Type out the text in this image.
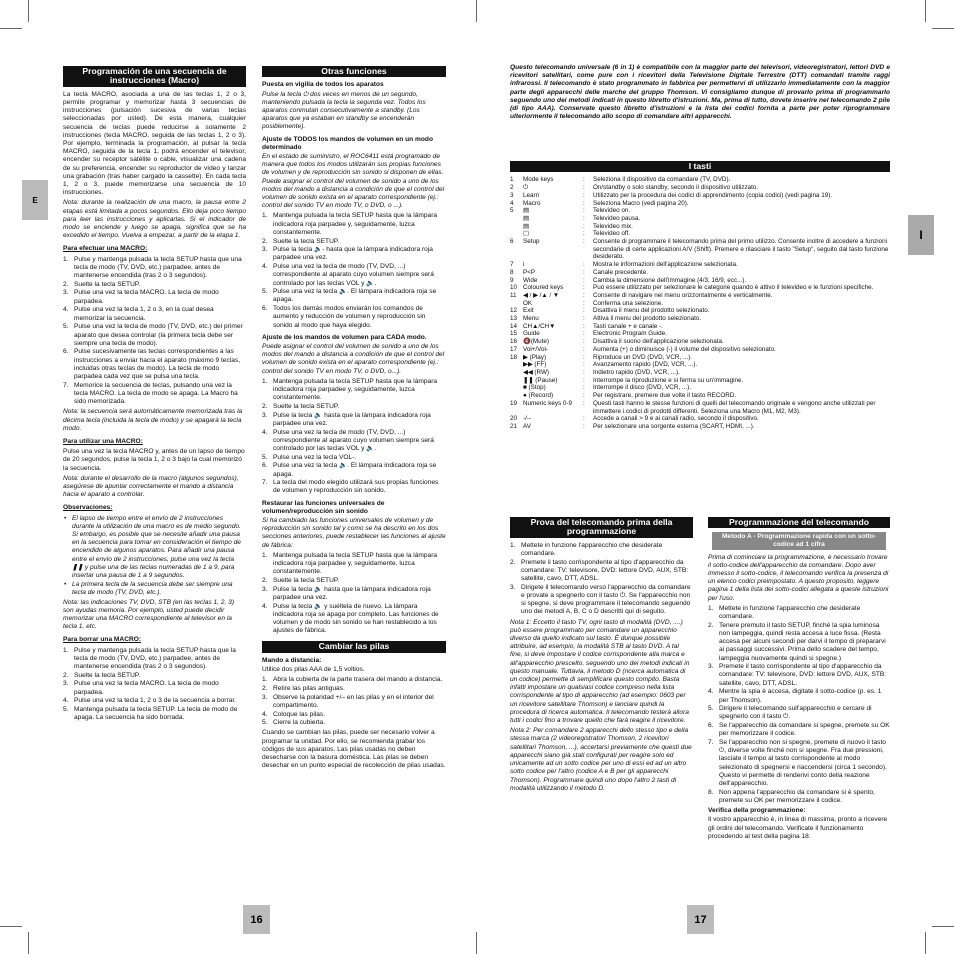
E
I
16	17
Programación de una secuencia de instrucciones (Macro)

La tecla MACRO, asociada a una de las teclas 1, 2 o 3, permite programar y memorizar hasta 3 secuencias de instrucciones (pulsación sucesiva de varias teclas seleccionadas por usted). De esta manera, cualquier secuencia de teclas puede reducirse a solamente 2 instrucciones (tecla MACRO, seguida de las teclas 1, 2 o 3). Por ejemplo, terminada la programación, al pulsar la tecla MACRO, seguida de la tecla 1, podrá encender el televisor, encender su receptor satélite o cable, visualizar una cadena de su preferencia, encender su reproductor de vídeo y lanzar una grabación (tras haber cargado la cassette). En cada tecla 1, 2 o 3, puede memorizarse una secuencia de 10 instrucciones.

Nota: durante la realización de una macro, la pausa entre 2 etapas está limitada a pocos segundos. Ello deja poco tiempo para leer las instrucciones y aplicarlas. Si el indicador de modo se enciende y luego se apaga, significa que se ha excedido el tiempo. Vuelva a empezar, a partir de la etapa 1.

Para efectuar una MACRO:
1. Pulse y mantenga pulsada la tecla SETUP hasta que una tecla de modo (TV, DVD, etc.) parpadee, antes de mantenerse encendida (tras 2 o 3 segundos).
2. Suelte la tecla SETUP.
3. Pulse una vez la tecla MACRO. La tecla de modo parpadea.
4. Pulse una vez la tecla 1, 2 o 3, en la cual desea memorizar la secuencia.
5. Pulse una vez la tecla de modo (TV, DVD, etc.) del primer aparato que desea controlar (la primera tecla debe ser siempre una tecla de modo).
6. Pulse sucesivamente las teclas correspondientes a las instrucciones a enviar hacia el aparato (máximo 9 teclas, incluidas otras teclas de modo). La tecla de modo parpadea cada vez que se pulsa una tecla.
7. Memorice la secuencia de teclas, pulsando una vez la tecla MACRO. La tecla de modo se apaga. La Macro ha sido memorizada.

Nota: la secuencia será automáticamente memorizada tras la décima tecla (incluida la tecla de modo) y se apagará la tecla modo.

Para utilizar una MACRO:

Pulse una vez la tecla MACRO y, antes de un lapso de tiempo de 20 segundos, pulse la tecla 1, 2 o 3 bajo la cual memorizó la secuencia.

Nota: durante el desarrollo de la macro (algunos segundos), asegúrese de apuntar correctamente el mando a distancia hacia el aparato a controlar.

Observaciones:
• El lapso de tiempo entre el envío de 2 instrucciones durante la utilización de una macro es de medio segundo. Si embargo, es posible que se necesite añadir una pausa en la secuencia para tomar en consideración el tiempo de encendido de algunos aparatos. Para añadir una pausa entre el envío de 2 instrucciones, pulse una vez la tecla ❚❚ y pulse una de las teclas numeradas de 1 a 9, para insertar una pausa de 1 a 9 segundos.
• La primera tecla de la secuencia debe ser siempre una tecla de modo (TV, DVD, etc.).

Nota: las indicaciones TV, DVD, STB (en las teclas 1, 2, 3) son ayudas memoria. Por ejemplo, usted puede decidir memorizar una MACRO correspondiente al televisor en la tecla 1, etc.

Para borrar una MACRO:
1. Pulse y mantenga pulsada la tecla SETUP hasta que la tecla de modo (TV, DVD, etc.) parpadee, antes de mantenerse encendida (tras 2 o 3 segundos).
2. Suelte la tecla SETUP.
3. Pulse una vez la tecla MACRO. La tecla de modo parpadea.
4. Pulse una vez la tecla 1, 2 o 3 de la secuencia a borrar.
5. Mantenga pulsada la tecla SETUP. La tecla de modo de apaga. La secuencia ha sido borrada.
Otras funciones
Puesta en vigilia de todos los aparatos

Pulse la tecla ⏻ dos veces en menos de un segundo, manteniendo pulsada la tecla la segunda vez. Todos los aparatos conmutan consecutivamente a standby. (Los aparatos que ya estaban en standby se encenderán posiblemente).

Ajuste de TODOS los mandos de volumen en un modo determinado

En el estado de suministro, el ROC6411 está programado de manera que todos los modos utilizarán sus propias funciones de volumen y de reproducción sin sonido si disponen de ellas. Puede asignar el control del volumen de sonido a uno de los modos del mando a distancia a condición de que el control del volumen de sonido exista en el aparato correspondiente (ej.: control del sonido TV en modo TV, o DVD, o ...).

1. Mantenga pulsada la tecla SETUP hasta que la lámpara indicadora roja parpadee y, seguidamente, luzca constantemente.
2. Suelte la tecla SETUP.
3. Pulse la tecla 🔈- hasta que la lámpara indicadora roja parpadee una vez.
4. Pulse una vez la tecla de modo (TV, DVD, ...) correspondiente al aparato cuyo volumen siempre será controlado por las teclas VOL y 🔈.
5. Pulse una vez la tecla 🔈. El lámpara indicadora roja se apaga.
6. Todos los demás modos enviarán los comandos de aumento y reducción de volumen y reproducción sin sonido al modo que haya elegido.
Ajuste de los mandos de volumen para CADA modo.

Puede asignar el control del volumen de sonido a uno de los modos del mando a distancia a condición de que el control del volumen de sonido exista en el aparato correspondiente (ej.: control del sonido TV en modo TV, o DVD, o...).

1. Mantenga pulsada la tecla SETUP hasta que la lámpara indicadora roja parpadee y, seguidamente, luzca constantemente.
2. Suelte la tecla SETUP.
3. Pulse la tecla 🔈 hasta que la lámpara indicadora roja parpadee una vez.
4. Pulse una vez la tecla de modo (TV, DVD, ...) correspondiente al aparato cuyo volumen siempre será controlado por las teclas VOL y 🔈.
5. Pulse una vez la tecla VOL-.
6. Pulse una vez la tecla 🔈. El lámpara indicadora roja se apaga.
7. La tecla del modo elegido utilizará sus propias funciones de volumen y reproducción sin sonido.
Restaurar las funciones universales de volumen/reproducción sin sonido

Si ha cambiado las funciones universales de volumen y de reproducción sin sonido tal y como se ha descrito en los dos secciones anteriores, puede restablecer las funciones al ajuste de fábrica:

1. Mantenga pulsada la tecla SETUP hasta que la lámpara indicadora roja parpadee y, seguidamente, luzca constantemente.
2. Suelte la tecla SETUP.
3. Pulse la tecla 🔈 hasta que la lámpara indicadora roja parpadee una vez.
4. Pulse la tecla 🔈 y suéltela de nuevo. La lámpara indicadora roja se apaga por completo. Las funciones de volumen y de modo sin sonido se han restablecido a los ajustes de fábrica.
Cambiar las pilas
Mando a distancia:

Utilice dos pilas AAA de 1,5 voltios.

1. Abra la cubierta de la parte trasera del mando a distancia.
2. Retire las pilas antiguas.
3. Observe la polaridad +/– en las pilas y en el interior del compartimento.
4. Coloque las pilas.
5. Cierre la cubierta.

Cuando se cambian las pilas, puede ser necesario volver a programar la unidad. Por ello, se recomienda grabar los códigos de sus aparatos. Las pilas usadas no deben desecharse con la basura doméstica. Las pilas se deben desechar en un punto especial de recolección de pilas usadas.

Questo telecomando universale (6 in 1) è compatibile con la maggior parte dei televisori, videoregistratori, lettori DVD e ricevitori satellitari, come pure con i ricevitori della Televisione Digitale Terrestre (DTT) comandati tramite raggi infrarossi. Il telecomando è stato programmato in fabbrica per permettervi di utilizzarlo immediatamente con la maggior parte degli apparecchi delle marche del gruppo Thomson. Vi consigliamo dunque di provarlo prima di programmarlo seguendo uno dei metodi indicati in questo libretto d'istruzioni. Ma, prima di tutto, dovete inserire nel telecomando 2 pile (di tipo AAA). Conservate questo libretto d'istruzioni e la lista dei codici fornita a parte per poter riprogrammare ulteriormente il telecomando allo scopo di comandare altri apparecchi.

I tasti
1	Mode keys	:	Seleziona il dispositivo da comandare (TV, DVD).
2	⏻	:	On/standby o solo standby, secondo il dispositivo utilizzato.
3	Learn	:	Utilizzato per la procedura dei codici di apprendimento (copia codici) (vedi pagina 19).
4	Macro	:	Seleziona Macro (vedi pagina 20).
5	▤	:	Televideo on.
	▤	:	Televideo pausa.
	▤	:	Televideo mix.
	▢	:	Televideo off.
6	Setup	:	Consente di programmare il telecomando prima del primo utilizzo. Consente inoltre di accedere a funzioni secondarie di certe applicazioni A/V (Shift). Premere e rilasciare il tasto "Setup", seguito dal tasto funzione desiderato.
7	i	:	Mostra le informazioni dell'applicazione selezionata.
8	P<P	:	Canale precedente.
9	Wide	:	Cambia la dimensione dell'immagine (4/3, 16/9, ecc...).
10	Coloured keys	:	Può essere utilizzato per selezionare le categorie quando è attivo il televideo e le funzioni specifiche.
11	◀ / ▶ /▲ / ▼	:	Consente di navigare nei menu orizzontalmente e verticalmente.
	OK	:	Conferma una selezione.
12	Exit	:	Disattiva il menu del prodotto selezionato.
13	Menu	:	Attiva il menu del prodotto selezionato.
14	CH▲/CH▼	:	Tasti canale + e canale -.
15	Guide	:	Electronic Program Guide.
16	🔇(Mute)	:	Disattiva il suono dell'applicazione selezionata.
17	Vol+/Vol-	:	Aumenta (+) o diminuisce (-) il volume del dispositivo selezionato.
18	▶ (Play)	:	Riproduce un DVD (DVD, VCR, ...).
	▶▶ (FF)	:	Avanzamento rapido (DVD, VCR, ...).
	◀◀ (RW)	:	Indietro rapido (DVD, VCR, ...).
	❚❚ (Pause)	:	Interrompe la riproduzione e si ferma su un'immagine.
	■ (Stop)	:	Interrompe il disco (DVD, VCR, ...).
	● (Record)	:	Per registrare, premere due volte il tasto RECORD.
19	Numeric keys 0-9	:	Questi tasti hanno le stesse funzioni di quelli del telecomando originale e vengono anche utilizzati per immettere i codici di prodotti differenti. Seleziona una Macro (M1, M2, M3).
20	-/--	:	Accede a canali > 9 e ai canali radio, secondo il dispositivo.
21	AV	:	Per selezionare una sorgente esterna (SCART, HDMI, ...).
Prova del telecomando prima della programmazione
1. Mettete in funzione l'apparecchio che desiderate comandare.
2. Premete il tasto corrispondente al tipo d'apparecchio da comandare: TV: televisore, DVD: lettore DVD, AUX, STB: satellite, cavo, DTT, ADSL.
3. Dirigete il telecomando verso l'apparecchio da comandare e provate a spegnerlo con il tasto ⏻. Se l'apparecchio non si spegne, si deve programmare il telecomando seguendo uno dei metodi A, B, C o D descritti qui di seguito.

Nota 1: Eccetto il tasto TV, ogni tasto di modalità (DVD, ....) può essere programmato per comandare un apparecchio diverso da quello indicato sul tasto. È dunque possibile attribuire, ad esempio, la modalità STB al tasto DVD. A tal fine, si deve impostare il codice corrispondente alla marca e all'apparecchio prescelto, seguendo uno dei metodi indicati in questo manuale. Tuttavia, il metodo D (ricerca automatica di un codice) permette di semplificare questo compito. Basta infatti impostare un qualsiasi codice compreso nella lista corrispondente al tipo di apparecchio (ad esempio: 0603 per un ricevitore satellitare Thomson) e lanciare quindi la procedura di ricerca automatica. Il telecomando testerà allora tutti i codici fino a trovare quello che farà reagire il ricevitore.

Nota 2: Per comandare 2 apparecchi dello stesso tipo e della stessa marca (2 videoregistratori Thomson, 2 ricevitori satellitari Thomson, ...), accertarsi previamente che questi due apparecchi siano già stati configurati per reagire solo ed unicamente ad un sotto codice per uno di essi ed ad un altro sotto codice per l'altro (codice A e B per gli apparecchi Thomson). Programmare quindi uno dopo l'altro 2 tasti di modalità utilizzando il metodo D.

Programmazione del telecomando
Metodo A - Programmazione rapida con un sotto-codice ad 1 cifra

Prima di cominciare la programmazione, è necessario trovare il sotto-codice dell'apparecchio da comandare. Dopo aver immesso il sotto-codice, il telecomando verifica la presenza di un elenco codici preimpostato. A questo proposito, leggere pagina 1 della lista dei sotto-codici allegata a queste istruzioni per l'uso.

1. Mettete in funzione l'apparecchio che desiderate comandare.
2. Tenere premuto il tasto SETUP, finché la spia luminosa non lampeggia, quindi resta accesa a luce fissa. (Resta accesa per alcuni secondi per darvi il tempo di prepararvi ai passaggi successivi. Prima dello scadere del tempo, lampeggia nuovamente quindi si spegne.)
3. Premete il tasto corrispondente al tipo d'apparecchio da comandare: TV: televisore, DVD: lettore DVD, AUX, STB: satellite, cavo, DTT, ADSL.
4. Mentre la spia è accesa, digitate il sotto-codice (p. es. 1 per Thomson).
5. Dirigere il telecomando sull'apparecchio e cercare di spegnerlo con il tasto ⏻.
6. Se l'apparecchio da comandare si spegne, premete su OK per memorizzare il codice.
7. Se l'apparecchio non si spegne, premete di nuovo il tasto ⏻, diverse volte finché non si spegne. Fra due pressioni, lasciate il tempo al tasto corrispondente al modo selezionato di spegnersi e riaccendersi (circa 1 secondo). Questo vi permette di renderivi conto della reazione dell'apparecchio.
8. Non appena l'apparecchio da comandare si è spento, premete su OK per memorizzare il codice.
Verifica della programmazione:

Il vostro apparecchio è, in linea di massima, pronto a ricevere gli ordini del telecomando. Verificate il funzionamento procedendo al test della pagina 18.
